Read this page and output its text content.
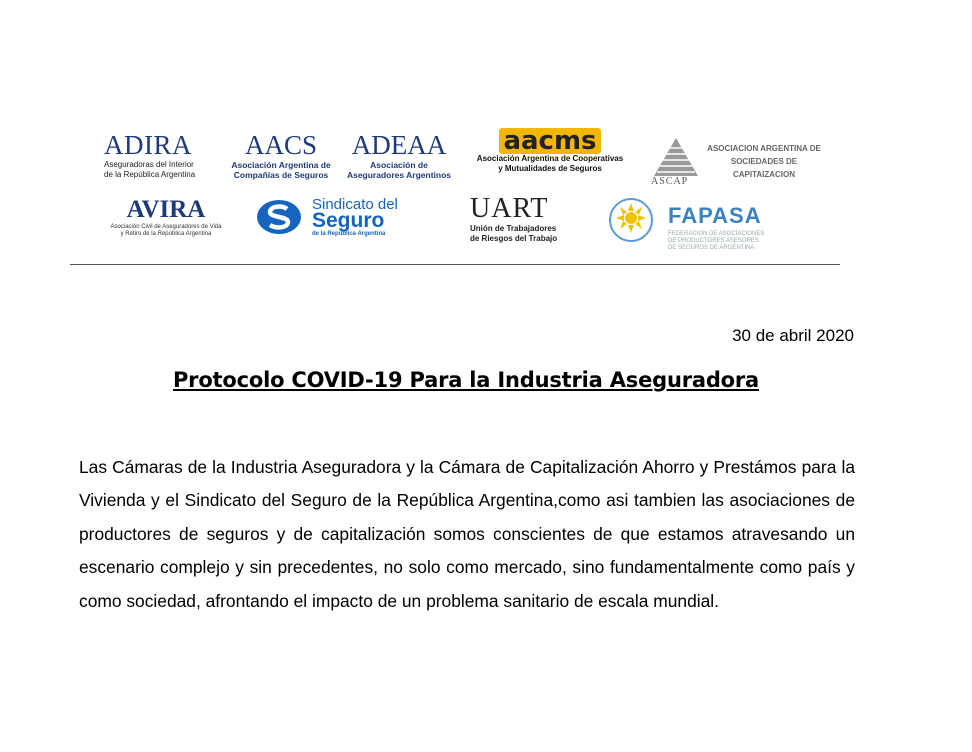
ADIRA
Aseguradoras del Interior
de la República Argentina
AACS
Asociación Argentina de
Compañías de Seguros
ADEAA
Asociación de
Aseguradores Argentinos
aacms
Asociación Argentina de Cooperativas
y Mutualidades de Seguros
ASCAP
ASOCIACION ARGENTINA DE
SOCIEDADES DE
CAPITAIZACION
AVIRA
Asociación Civil de Aseguradores de Vida
y Retiro de la República Argentina
Sindicato del
Seguro
de la República Argentina
UART
Unión de Trabajadores
de Riesgos del Trabajo
FAPASA
FEDERACION DE ASOCIACIONES
DE PRODUCTORES ASESORES
DE SEGUROS DE ARGENTINA
30 de abril 2020
Protocolo COVID-19 Para la Industria Aseguradora
Las Cámaras de la Industria Aseguradora y la Cámara de Capitalización Ahorro y Prestámos para la Vivienda y el Sindicato del Seguro de la República Argentina,como asi tambien las asociaciones de productores de seguros y de capitalización somos conscientes de que estamos atravesando un escenario complejo y sin precedentes, no solo como mercado, sino fundamentalmente como país y como sociedad, afrontando el impacto de un problema sanitario de escala mundial.
